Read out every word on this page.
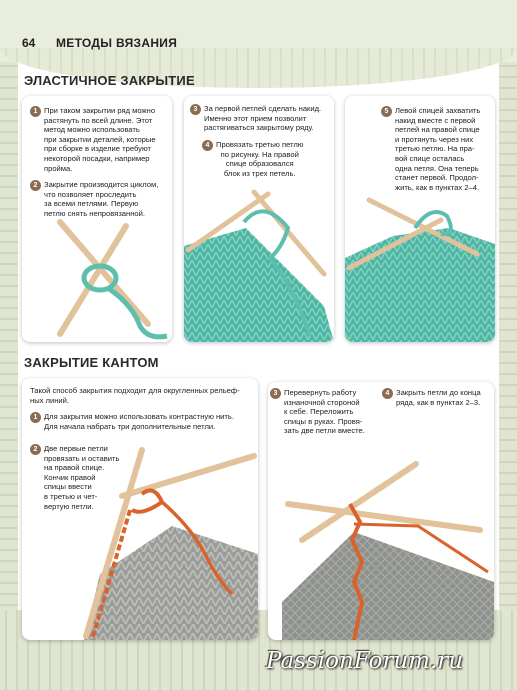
64 МЕТОДЫ ВЯЗАНИЯ
ЭЛАСТИЧНОЕ ЗАКРЫТИЕ
1 При таком закрытии ряд можно
растянуть по всей длине. Этот
метод можно использовать
при закрытии деталей, которые
при сборке в изделие требуют
некоторой посадки, например
пройма.
2 Закрытие производится циклом,
что позволяет проследить
за всеми петлями. Первую
петлю снять непровязанной.
3 За первой петлей сделать накид.
Именно этот прием позволит
растягиваться закрытому ряду.
4 Провязать третью петлю
по рисунку. На правой
спице образовался
блок из трех петель.
5 Левой спицей захватить
накид вместе с первой
петлей на правой спице
и протянуть через них
третью петлю. На пра-
вой спице осталась
одна петля. Она теперь
станет первой. Продол-
жить, как в пунктах 2–4.
ЗАКРЫТИЕ КАНТОМ
Такой способ закрытия подходит для округленных рельеф-
ных линий.
1 Для закрытия можно использовать контрастную нить.
Для начала набрать три дополнительные петли.
2 Две первые петли
провязать и оставить
на правой спице.
Кончик правой
спицы ввести
в третью и чет-
вертую петли.
3 Перевернуть работу
изнаночной стороной
к себе. Переложить
спицы в руках. Провя-
зать две петли вместе.
4 Закрыть петли до конца
ряда, как в пунктах 2–3.
PassionForum.ru
